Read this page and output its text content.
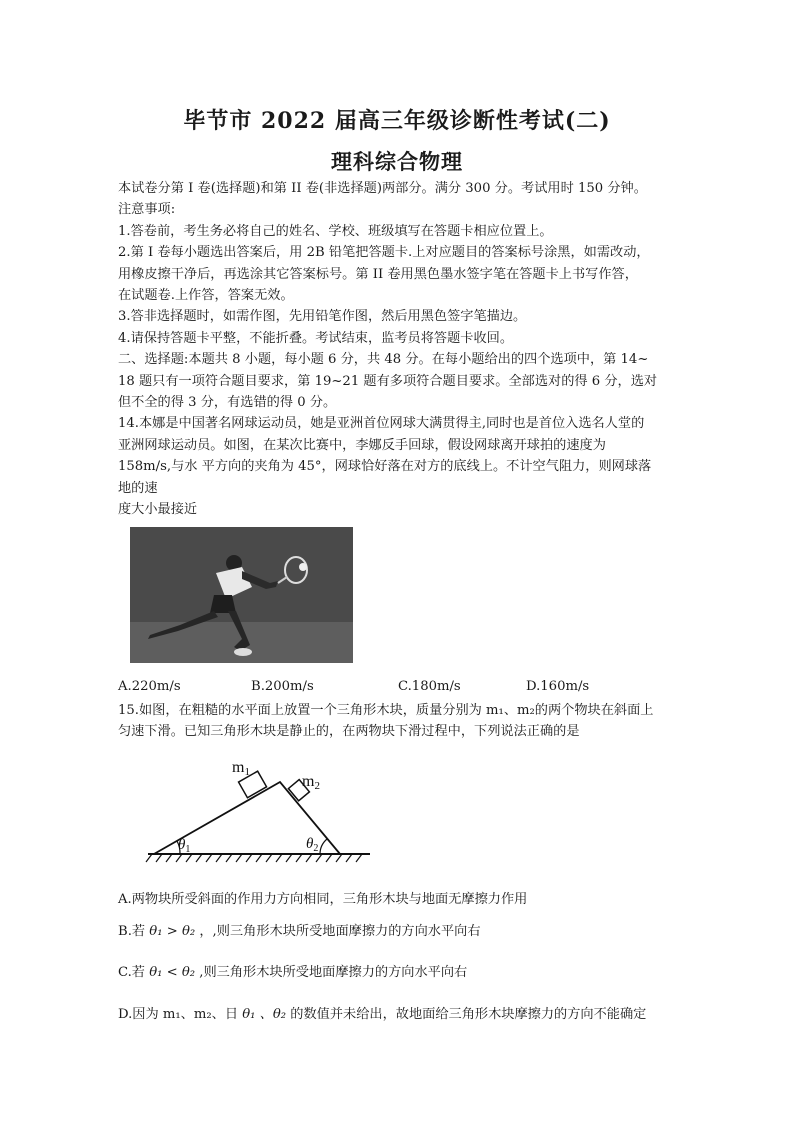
毕节市 2022 届高三年级诊断性考试(二)
理科综合物理

本试卷分第 I 卷(选择题)和第 II 卷(非选择题)两部分。满分 300 分。考试用时 150 分钟。

注意事项:

1.答卷前，考生务必将自己的姓名、学校、班级填写在答题卡相应位置上。

2.第 I 卷每小题选出答案后，用 2B 铅笔把答题卡.上对应题目的答案标号涂黑，如需改动，

用橡皮擦干净后，再选涂其它答案标号。第 II 卷用黑色墨水签字笔在答题卡上书写作答，

在试题卷.上作答，答案无效。

3.答非选择题时，如需作图，先用铅笔作图，然后用黑色签字笔描边。

4.请保持答题卡平整，不能折叠。考试结束，监考员将答题卡收回。

二、选择题:本题共 8 小题，每小题 6 分，共 48 分。在每小题给出的四个选项中，第 14~

18 题只有一项符合题目要求，第 19~21 题有多项符合题目要求。全部选对的得 6 分，选对

但不全的得 3 分，有选错的得 0 分。

14.本娜是中国著名网球运动员，她是亚洲首位网球大满贯得主,同时也是首位入选名人堂的

亚洲网球运动员。如图，在某次比赛中，李娜反手回球，假设网球离开球拍的速度为

158m/s,与水 平方向的夹角为 45°，网球恰好落在对方的底线上。不计空气阻力，则网球落

地的速

度大小最接近

A.220m/s	B.200m/s	C.180m/s	D.160m/s

15.如图，在粗糙的水平面上放置一个三角形木块，质量分别为 m₁、m₂的两个物块在斜面上

匀速下滑。已知三角形木块是静止的，在两物块下滑过程中，下列说法正确的是

m1
m2
$\theta_1$	$\theta_2$
A.两物块所受斜面的作用力方向相同，三角形木块与地面无摩擦力作用
B.若 θ₁ > θ₂ ，,则三角形木块所受地面摩擦力的方向水平向右
C.若 θ₁ < θ₂ ,则三角形木块所受地面摩擦力的方向水平向右
D.因为 m₁、m₂、日 θ₁ 、θ₂ 的数值并未给出，故地面给三角形木块摩擦力的方向不能确定
